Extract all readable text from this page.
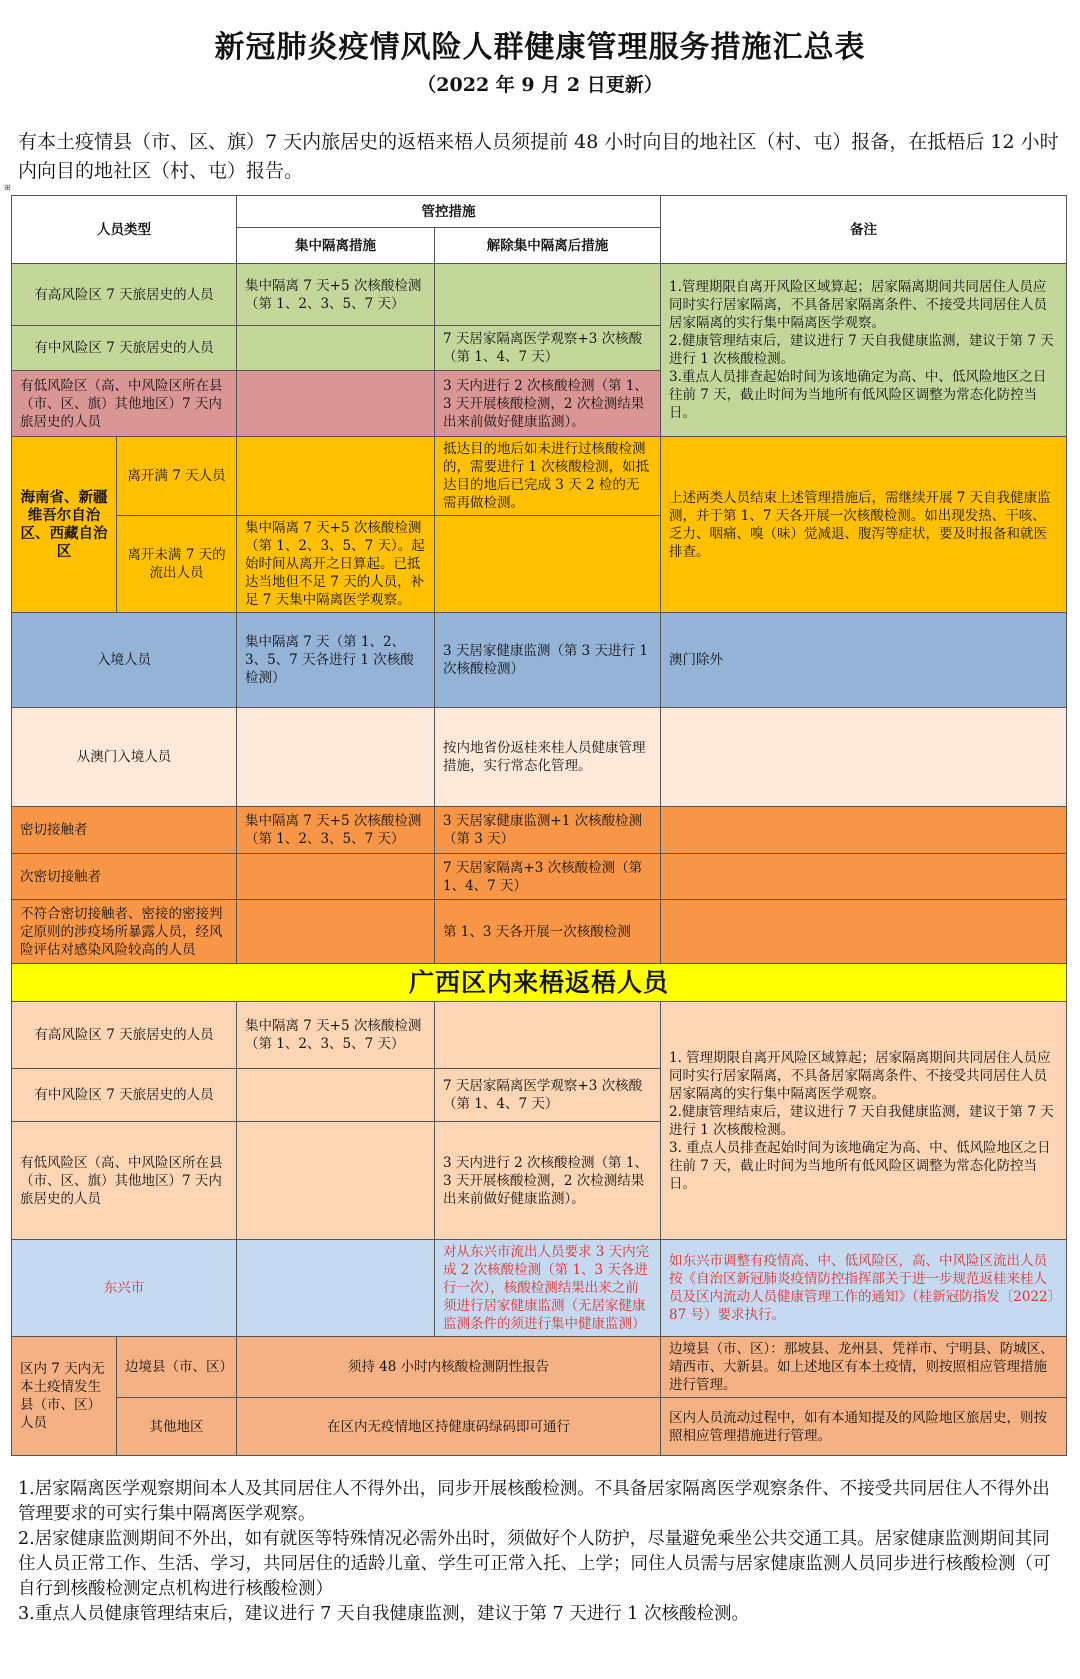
新冠肺炎疫情风险人群健康管理服务措施汇总表
（2022 年 9 月 2 日更新）
有本土疫情县（市、区、旗）7 天内旅居史的返梧来梧人员须提前 48 小时向目的地社区（村、屯）报备，在抵梧后 12 小时内向目的地社区（村、屯）报告。
⊞
人员类型		管控措施		备注
		集中隔离措施	解除集中隔离后措施	
有高风险区 7 天旅居史的人员		集中隔离 7 天+5 次核酸检测（第 1、2、3、5、7 天）		1.管理期限自离开风险区域算起；居家隔离期间共同居住人员应同时实行居家隔离，不具备居家隔离条件、不接受共同居住人员居家隔离的实行集中隔离医学观察。
2.健康管理结束后，建议进行 7 天自我健康监测，建议于第 7 天进行 1 次核酸检测。
3.重点人员排查起始时间为该地确定为高、中、低风险地区之日往前 7 天，截止时间为当地所有低风险区调整为常态化防控当日。
有中风险区 7 天旅居史的人员			7 天居家隔离医学观察+3 次核酸（第 1、4、7 天）	
有低风险区（高、中风险区所在县（市、区、旗）其他地区）7 天内旅居史的人员			3 天内进行 2 次核酸检测（第 1、3 天开展核酸检测，2 次检测结果出来前做好健康监测）。	
海南省、新疆维吾尔自治区、西藏自治区	离开满 7 天人员		抵达目的地后如未进行过核酸检测的，需要进行 1 次核酸检测，如抵达目的地后已完成 3 天 2 检的无需再做检测。	上述两类人员结束上述管理措施后，需继续开展 7 天自我健康监测，并于第 1、7 天各开展一次核酸检测。如出现发热、干咳、乏力、咽痛、嗅（味）觉减退、腹泻等症状，要及时报备和就医排查。
	离开未满 7 天的流出人员	集中隔离 7 天+5 次核酸检测（第 1、2、3、5、7 天）。起始时间从离开之日算起。已抵达当地但不足 7 天的人员，补足 7 天集中隔离医学观察。		
入境人员		集中隔离 7 天（第 1、2、3、5、7 天各进行 1 次核酸检测）	3 天居家健康监测（第 3 天进行 1 次核酸检测）	澳门除外
从澳门入境人员			按内地省份返桂来桂人员健康管理措施，实行常态化管理。	
密切接触者		集中隔离 7 天+5 次核酸检测（第 1、2、3、5、7 天）	3 天居家健康监测+1 次核酸检测（第 3 天）	
次密切接触者			7 天居家隔离+3 次核酸检测（第 1、4、7 天）	
不符合密切接触者、密接的密接判定原则的涉疫场所暴露人员，经风险评估对感染风险较高的人员			第 1、3 天各开展一次核酸检测	
广西区内来梧返梧人员				
有高风险区 7 天旅居史的人员		集中隔离 7 天+5 次核酸检测（第 1、2、3、5、7 天）		1. 管理期限自离开风险区域算起；居家隔离期间共同居住人员应同时实行居家隔离，不具备居家隔离条件、不接受共同居住人员居家隔离的实行集中隔离医学观察。
2.健康管理结束后，建议进行 7 天自我健康监测，建议于第 7 天进行 1 次核酸检测。
3. 重点人员排查起始时间为该地确定为高、中、低风险地区之日往前 7 天，截止时间为当地所有低风险区调整为常态化防控当日。
有中风险区 7 天旅居史的人员			7 天居家隔离医学观察+3 次核酸（第 1、4、7 天）	
有低风险区（高、中风险区所在县（市、区、旗）其他地区）7 天内旅居史的人员			3 天内进行 2 次核酸检测（第 1、3 天开展核酸检测，2 次检测结果出来前做好健康监测）。	
东兴市			对从东兴市流出人员要求 3 天内完成 2 次核酸检测（第 1、3 天各进行一次），核酸检测结果出来之前须进行居家健康监测（无居家健康监测条件的须进行集中健康监测）	如东兴市调整有疫情高、中、低风险区，高、中风险区流出人员按《自治区新冠肺炎疫情防控指挥部关于进一步规范返桂来桂人员及区内流动人员健康管理工作的通知》（桂新冠防指发〔2022〕87 号）要求执行。
区内 7 天内无本土疫情发生县（市、区）人员	边境县（市、区）	须持 48 小时内核酸检测阴性报告		边境县（市、区）：那坡县、龙州县、凭祥市、宁明县、防城区、靖西市、大新县。如上述地区有本土疫情，则按照相应管理措施进行管理。
	其他地区	在区内无疫情地区持健康码绿码即可通行		区内人员流动过程中，如有本通知提及的风险地区旅居史，则按照相应管理措施进行管理。

1.居家隔离医学观察期间本人及其同居住人不得外出，同步开展核酸检测。不具备居家隔离医学观察条件、不接受共同居住人不得外出管理要求的可实行集中隔离医学观察。

2.居家健康监测期间不外出，如有就医等特殊情况必需外出时，须做好个人防护，尽量避免乘坐公共交通工具。居家健康监测期间其同住人员正常工作、生活、学习，共同居住的适龄儿童、学生可正常入托、上学；同住人员需与居家健康监测人员同步进行核酸检测（可自行到核酸检测定点机构进行核酸检测）

3.重点人员健康管理结束后，建议进行 7 天自我健康监测，建议于第 7 天进行 1 次核酸检测。
